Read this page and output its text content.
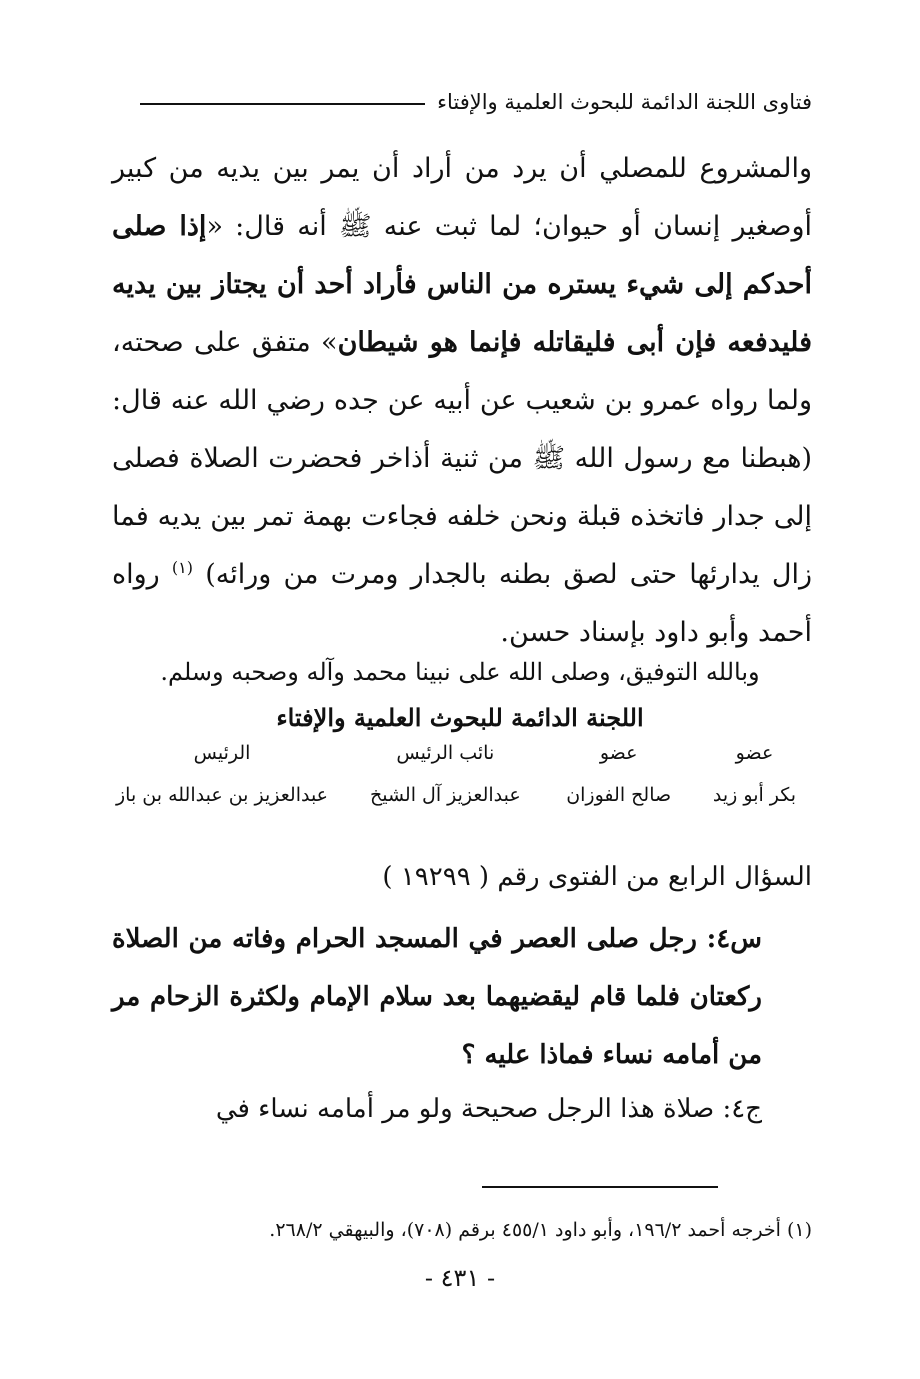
فتاوى اللجنة الدائمة للبحوث العلمية والإفتاء

والمشروع للمصلي أن يرد من أراد أن يمر بين يديه من كبير أوصغير إنسان أو حيوان؛ لما ثبت عنه ﷺ أنه قال: «إذا صلى أحدكم إلى شيء يستره من الناس فأراد أحد أن يجتاز بين يديه فليدفعه فإن أبى فليقاتله فإنما هو شيطان» متفق على صحته، ولما رواه عمرو بن شعيب عن أبيه عن جده رضي الله عنه قال: (هبطنا مع رسول الله ﷺ من ثنية أذاخر فحضرت الصلاة فصلى إلى جدار فاتخذه قبلة ونحن خلفه فجاءت بهمة تمر بين يديه فما زال يدارئها حتى لصق بطنه بالجدار ومرت من ورائه) $^{(١)}$ رواه أحمد وأبو داود بإسناد حسن.

وبالله التوفيق، وصلى الله على نبينا محمد وآله وصحبه وسلم.
اللجنة الدائمة للبحوث العلمية والإفتاء
عضو
عضو
نائب الرئيس
الرئيس
بكر أبو زيد
صالح الفوزان
عبدالعزيز آل الشيخ
عبدالعزيز بن عبدالله بن باز
السؤال الرابع من الفتوى رقم ( ١٩٢٩٩ )
س٤: رجل صلى العصر في المسجد الحرام وفاته من الصلاة ركعتان فلما قام ليقضيهما بعد سلام الإمام ولكثرة الزحام مر من أمامه نساء فماذا عليه ؟
ج٤: صلاة هذا الرجل صحيحة ولو مر أمامه نساء في
(١) أخرجه أحمد ١٩٦/٢، وأبو داود ٤٥٥/١ برقم (٧٠٨)، والبيهقي ٢٦٨/٢.
- ٤٣١ -
